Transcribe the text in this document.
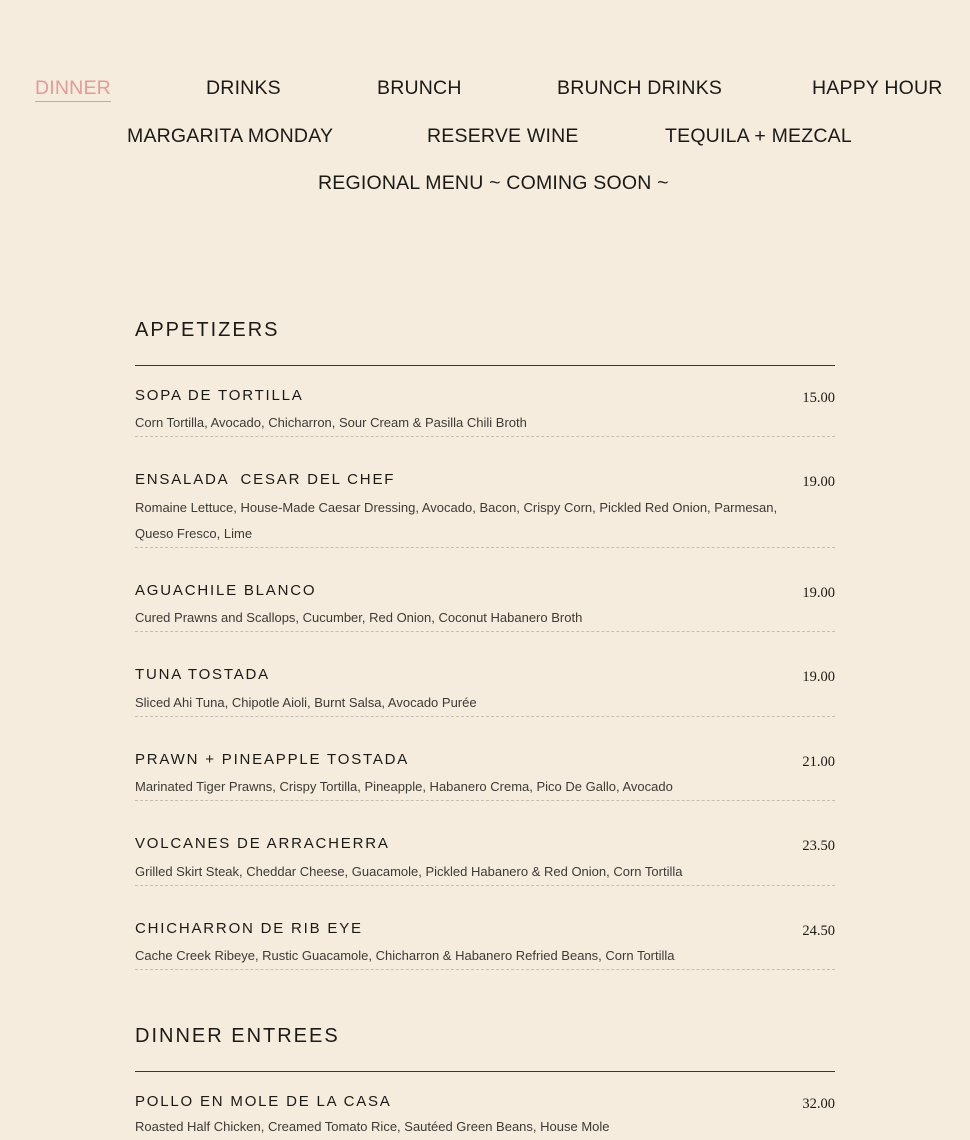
DINNER	DRINKS	BRUNCH	BRUNCH DRINKS	HAPPY HOUR
MARGARITA MONDAY	RESERVE WINE	TEQUILA + MEZCAL
REGIONAL MENU ~ COMING SOON ~
APPETIZERS
SOPA DE TORTILLA	15.00
Corn Tortilla, Avocado, Chicharron, Sour Cream & Pasilla Chili Broth
ENSALADA  CESAR DEL CHEF	19.00
Romaine Lettuce, House-Made Caesar Dressing, Avocado, Bacon, Crispy Corn, Pickled Red Onion, Parmesan, Queso Fresco, Lime
AGUACHILE BLANCO	19.00
Cured Prawns and Scallops, Cucumber, Red Onion, Coconut Habanero Broth
TUNA TOSTADA	19.00
Sliced Ahi Tuna, Chipotle Aioli, Burnt Salsa, Avocado Purée
PRAWN + PINEAPPLE TOSTADA	21.00
Marinated Tiger Prawns, Crispy Tortilla, Pineapple, Habanero Crema, Pico De Gallo, Avocado
VOLCANES DE ARRACHERRA	23.50
Grilled Skirt Steak, Cheddar Cheese, Guacamole, Pickled Habanero & Red Onion, Corn Tortilla
CHICHARRON DE RIB EYE	24.50
Cache Creek Ribeye, Rustic Guacamole, Chicharron & Habanero Refried Beans, Corn Tortilla
DINNER ENTREES
POLLO EN MOLE DE LA CASA	32.00
Roasted Half Chicken, Creamed Tomato Rice, Sautéed Green Beans, House Mole
